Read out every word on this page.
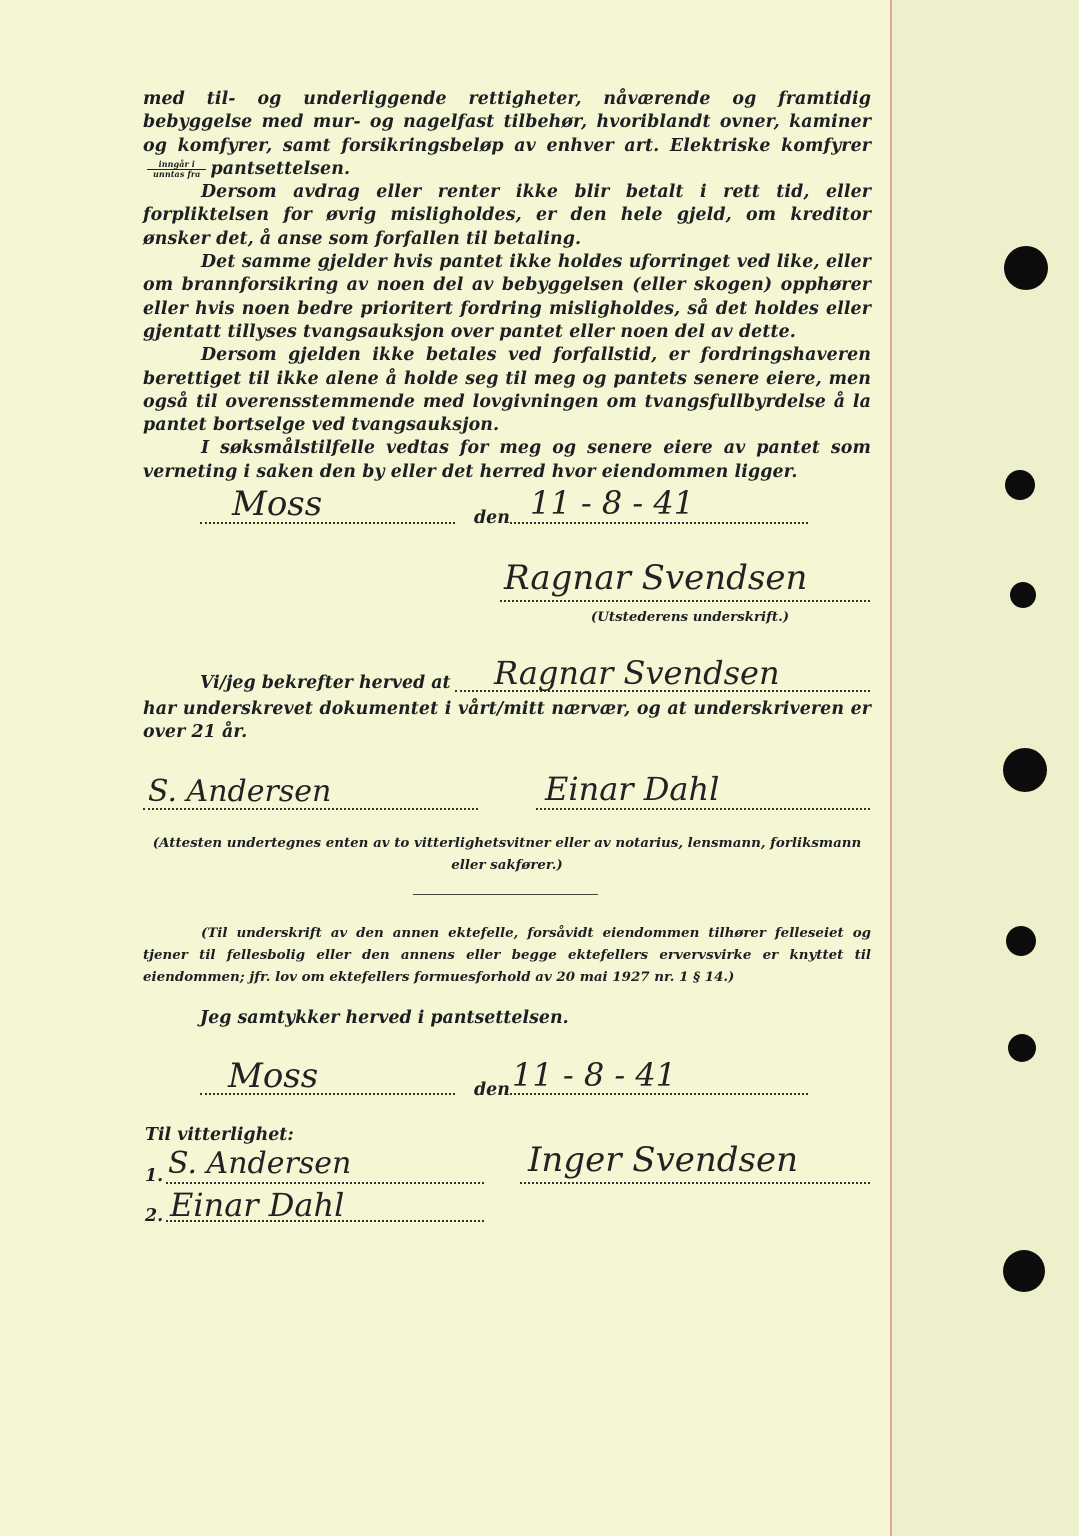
med til- og underliggende rettigheter, nåværende og framtidig bebyggelse med mur- og nagelfast tilbehør, hvoriblandt ovner, kaminer og komfyrer, samt forsikringsbeløp av enhver art. Elektriske komfyrer
$\frac{\text{inngår i}}{\text{unntas fra}}$ pantsettelsen.

Dersom avdrag eller renter ikke blir betalt i rett tid, eller forpliktelsen for øvrig misligholdes, er den hele gjeld, om kreditor ønsker det, å anse som forfallen til betaling.

Det samme gjelder hvis pantet ikke holdes uforringet ved like, eller om brannforsikring av noen del av bebyggelsen (eller skogen) opphører eller hvis noen bedre prioritert fordring misligholdes, så det holdes eller gjentatt tillyses tvangsauksjon over pantet eller noen del av dette.

Dersom gjelden ikke betales ved forfallstid, er fordringshaveren berettiget til ikke alene å holde seg til meg og pantets senere eiere, men også til overensstemmende med lovgivningen om tvangsfullbyrdelse å la pantet bortselge ved tvangsauksjon.

I søksmålstilfelle vedtas for meg og senere eiere av pantet som verneting i saken den by eller det herred hvor eiendommen ligger.

Moss	den 11 - 8 - 41
Ragnar Svendsen
(Utstederens underskrift.)
Vi/jeg bekrefter herved at Ragnar Svendsen
har underskrevet dokumentet i vårt/mitt nærvær, og at underskriveren er over 21 år.
S. Andersen	Einar Dahl
(Attesten undertegnes enten av to vitterlighetsvitner eller av notarius, lensmann, forliksmann eller sakfører.)
(Til underskrift av den annen ektefelle, forsåvidt eiendommen tilhører felleseiet og tjener til fellesbolig eller den annens eller begge ektefellers ervervsvirke er knyttet til eiendommen; jfr. lov om ektefellers formuesforhold av 20 mai 1927 nr. 1 § 14.)
Jeg samtykker herved i pantsettelsen.
Moss	den 11 - 8 - 41
Til vitterlighet:
1. S. Andersen
2. Einar Dahl
Inger Svendsen
